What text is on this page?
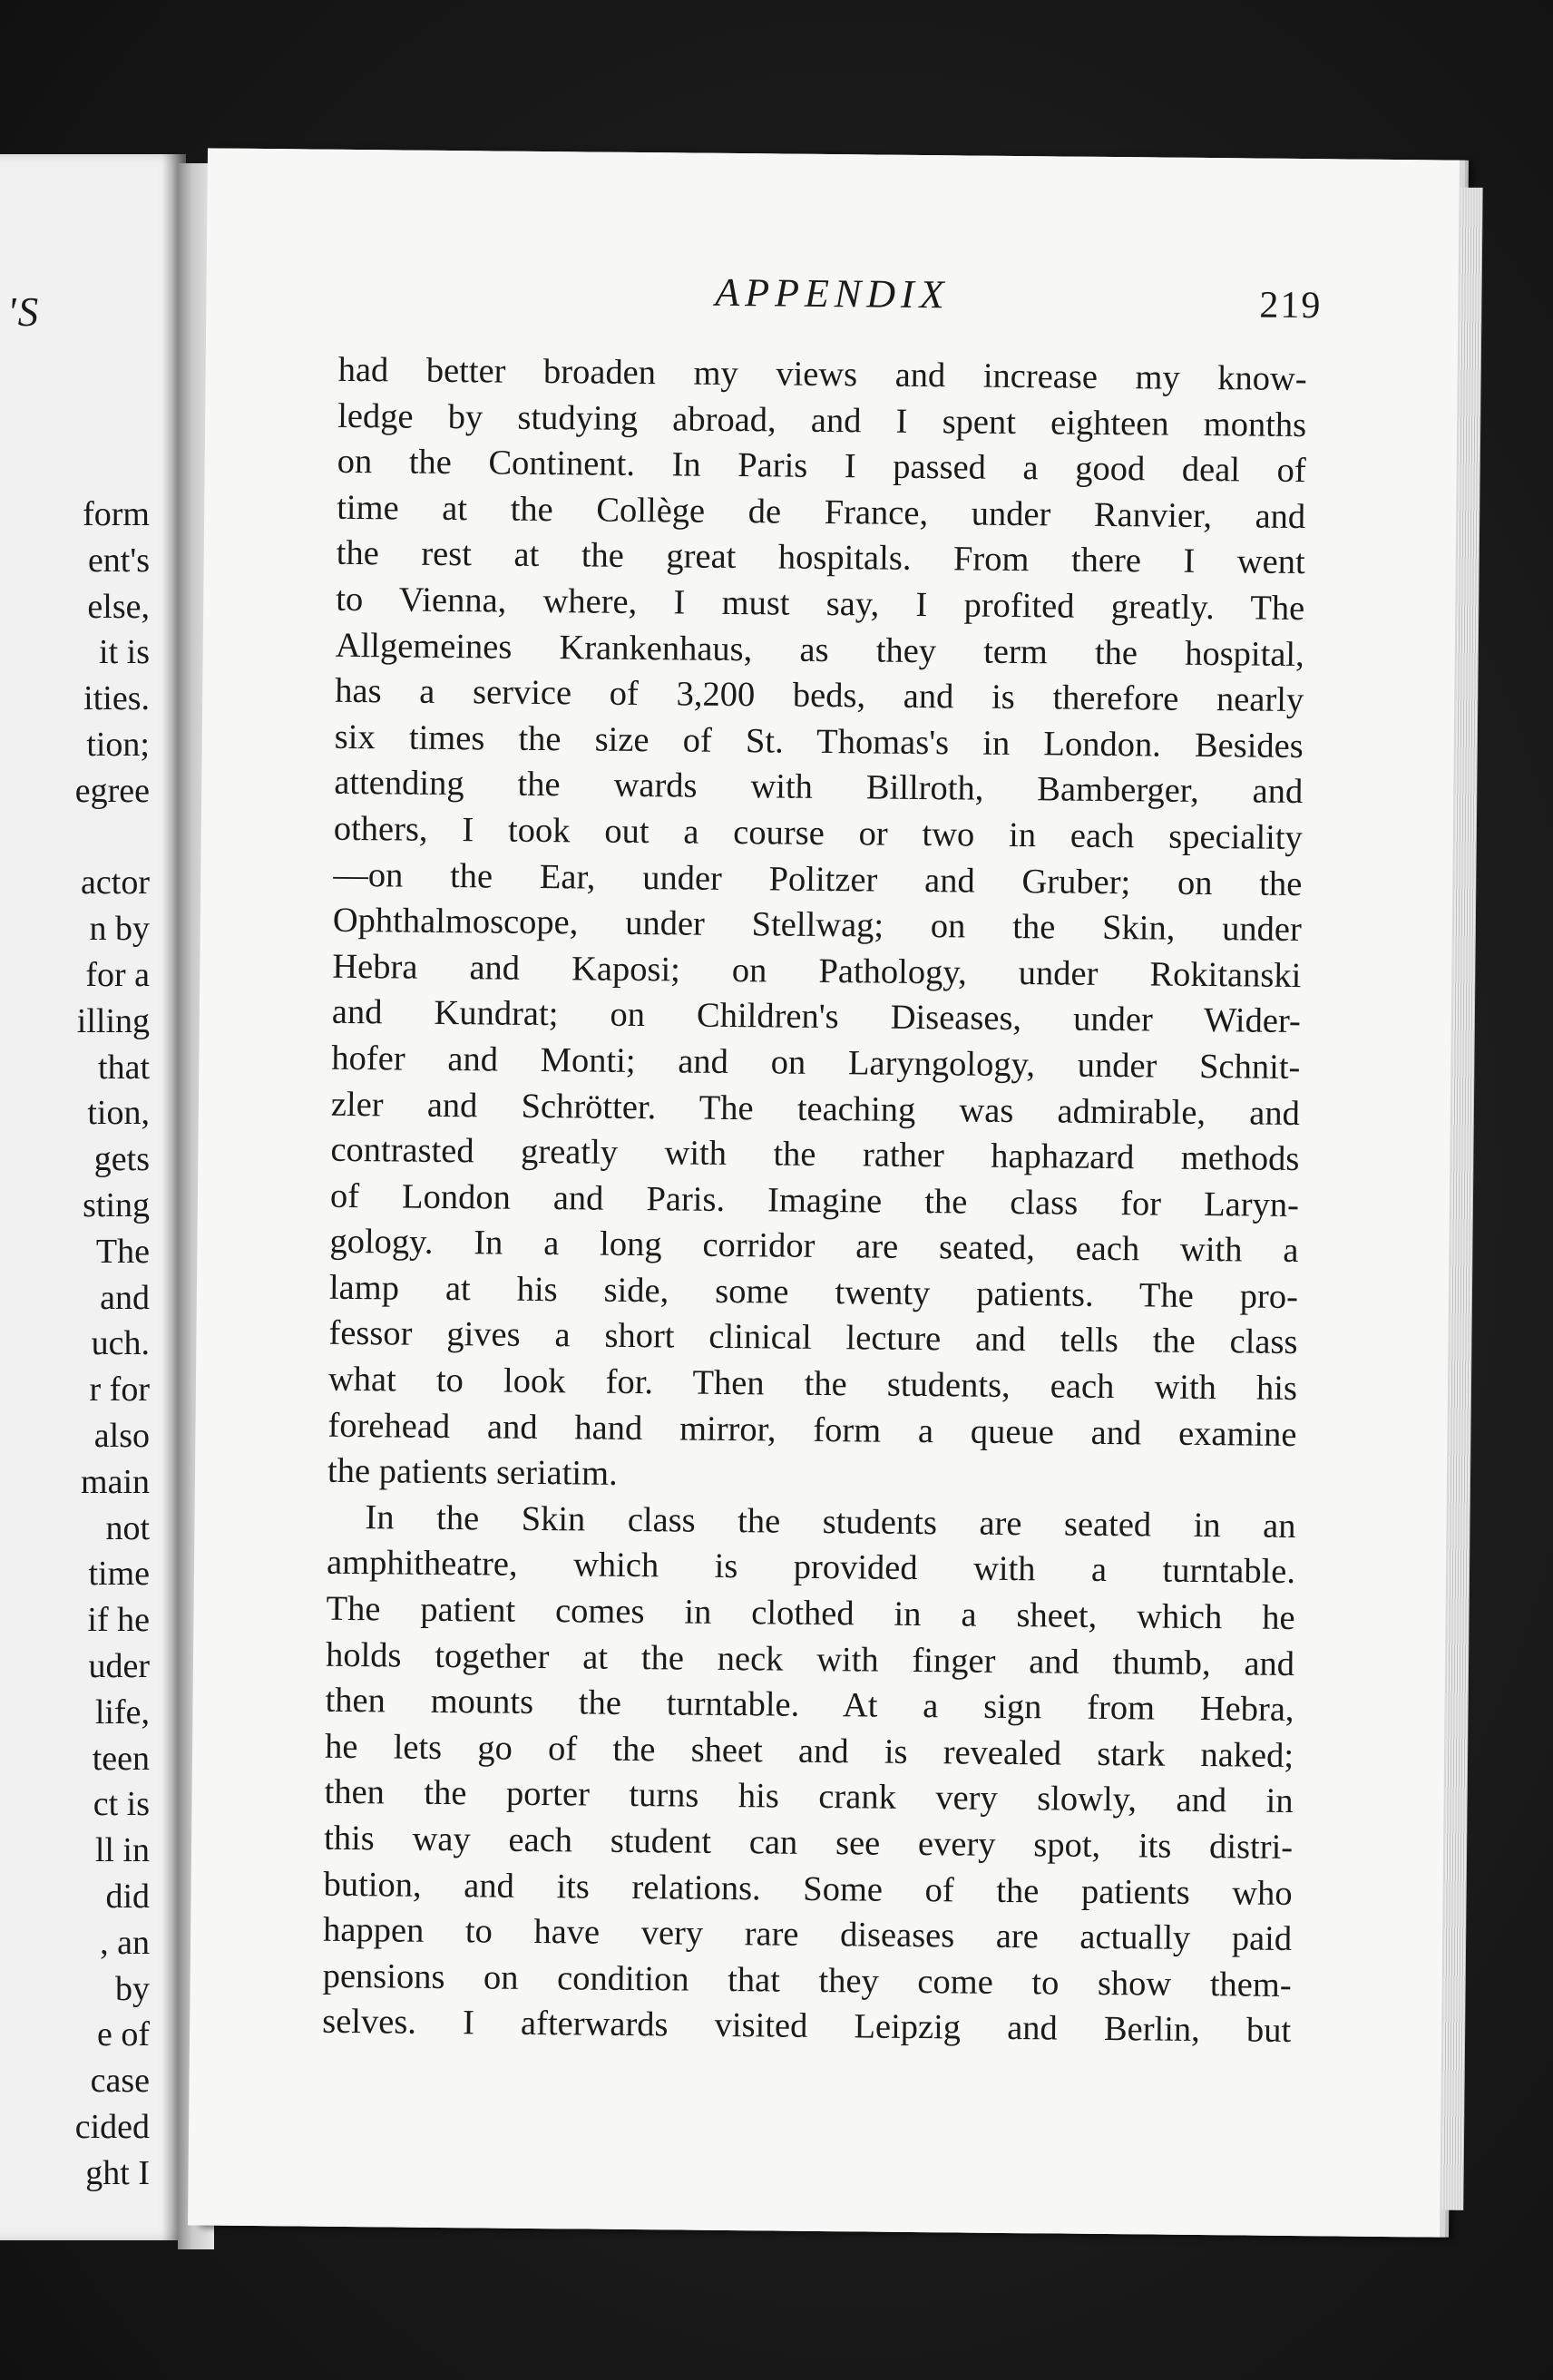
'S
form
ent's
else,
it is
ities.
tion;
egree

actor
n by
for a
illing
that
tion,
gets
sting
The
and
uch.
r for
also
main
not
time
if he
uder
life,
teen
ct is
ll in
did
, an
by
e of
case
cided
ght I
APPENDIX	219
had better broaden my views and increase my know-
ledge by studying abroad, and I spent eighteen months
on the Continent. In Paris I passed a good deal of
time at the Collège de France, under Ranvier, and
the rest at the great hospitals. From there I went
to Vienna, where, I must say, I profited greatly. The
Allgemeines Krankenhaus, as they term the hospital,
has a service of 3,200 beds, and is therefore nearly
six times the size of St. Thomas's in London. Besides
attending the wards with Billroth, Bamberger, and
others, I took out a course or two in each speciality
—on the Ear, under Politzer and Gruber; on the
Ophthalmoscope, under Stellwag; on the Skin, under
Hebra and Kaposi; on Pathology, under Rokitanski
and Kundrat; on Children's Diseases, under Wider-
hofer and Monti; and on Laryngology, under Schnit-
zler and Schrötter. The teaching was admirable, and
contrasted greatly with the rather haphazard methods
of London and Paris. Imagine the class for Laryn-
gology. In a long corridor are seated, each with a
lamp at his side, some twenty patients. The pro-
fessor gives a short clinical lecture and tells the class
what to look for. Then the students, each with his
forehead and hand mirror, form a queue and examine
the patients seriatim.
In the Skin class the students are seated in an
amphitheatre, which is provided with a turntable.
The patient comes in clothed in a sheet, which he
holds together at the neck with finger and thumb, and
then mounts the turntable. At a sign from Hebra,
he lets go of the sheet and is revealed stark naked;
then the porter turns his crank very slowly, and in
this way each student can see every spot, its distri-
bution, and its relations. Some of the patients who
happen to have very rare diseases are actually paid
pensions on condition that they come to show them-
selves. I afterwards visited Leipzig and Berlin, but
